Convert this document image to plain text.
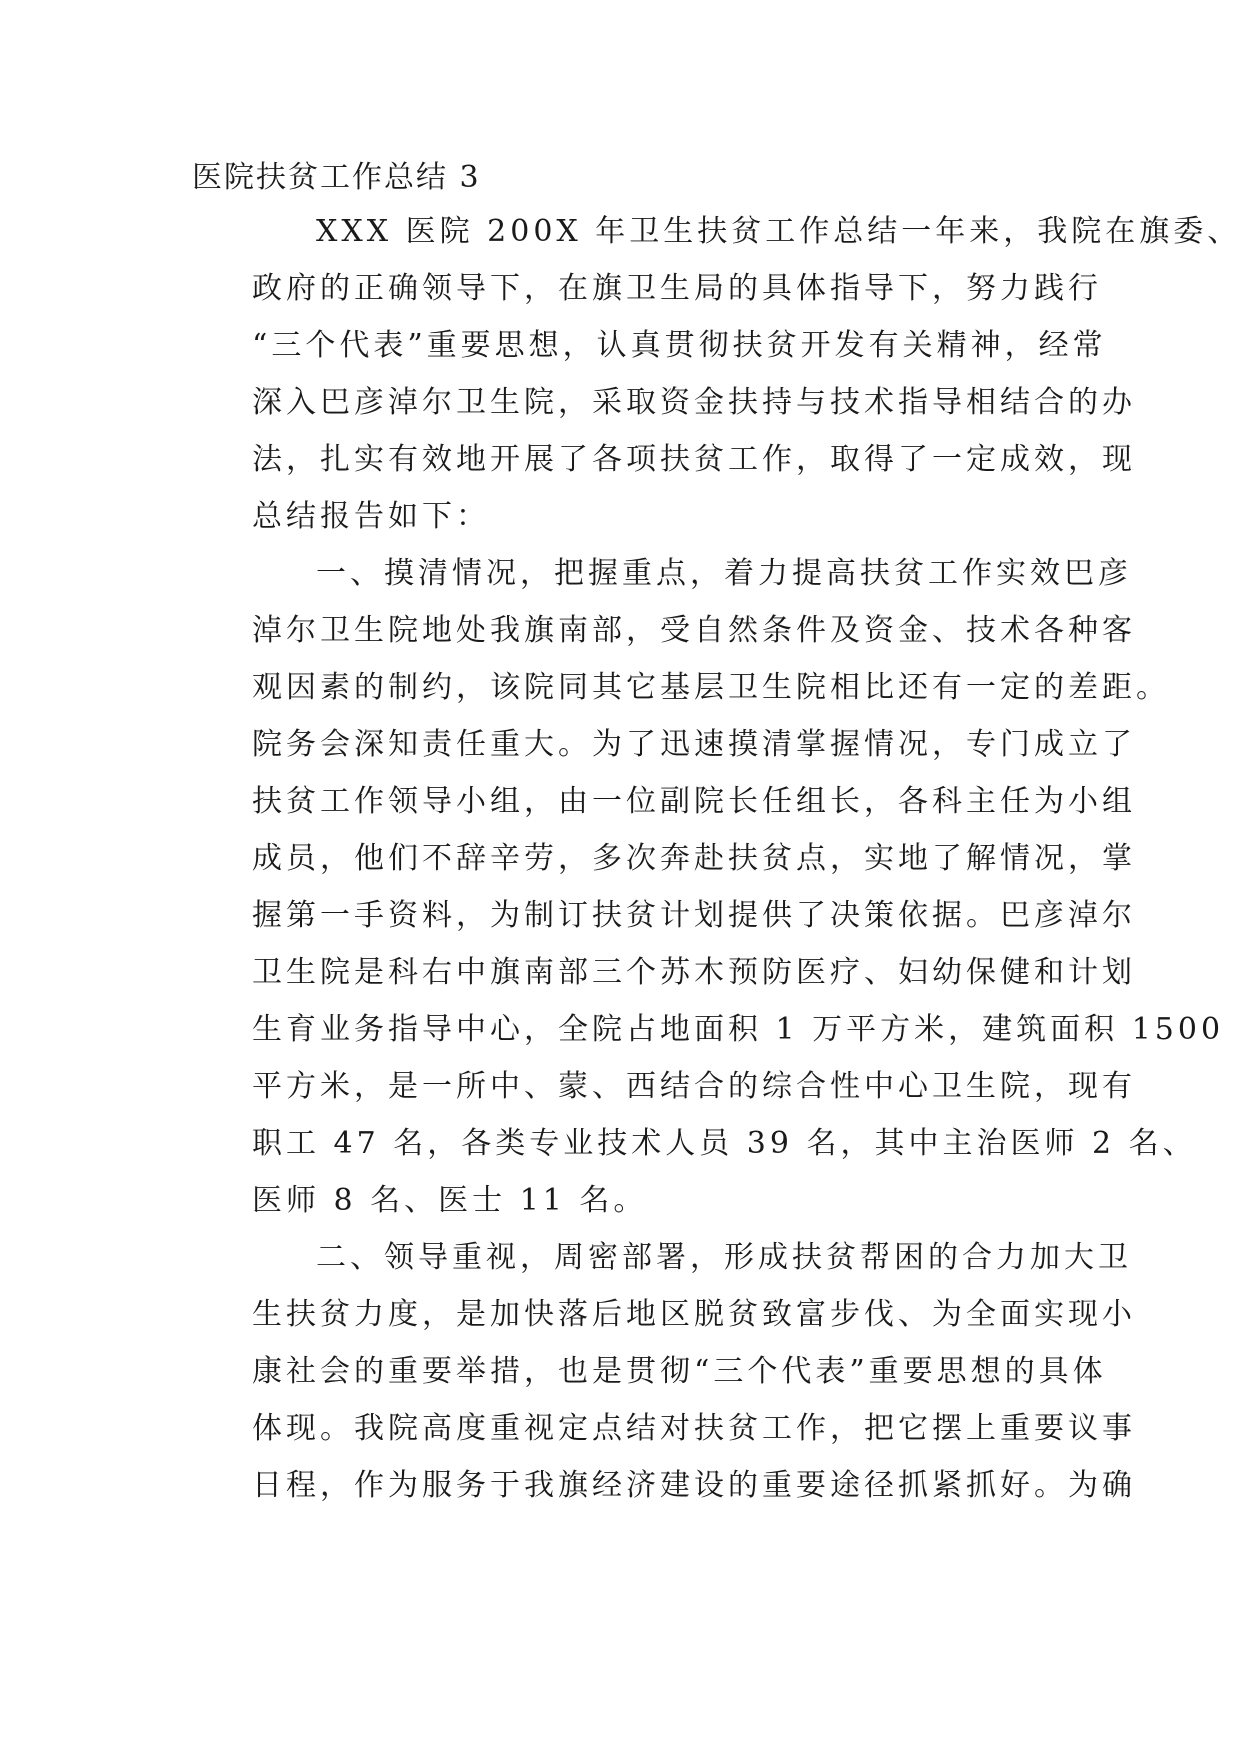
医院扶贫工作总结 3
XXX 医院 200X 年卫生扶贫工作总结一年来，我院在旗委、
政府的正确领导下，在旗卫生局的具体指导下，努力践行
“三个代表”重要思想，认真贯彻扶贫开发有关精神，经常
深入巴彦淖尔卫生院，采取资金扶持与技术指导相结合的办
法，扎实有效地开展了各项扶贫工作，取得了一定成效，现
总结报告如下：
一、摸清情况，把握重点，着力提高扶贫工作实效巴彦
淖尔卫生院地处我旗南部，受自然条件及资金、技术各种客
观因素的制约，该院同其它基层卫生院相比还有一定的差距。
院务会深知责任重大。为了迅速摸清掌握情况，专门成立了
扶贫工作领导小组，由一位副院长任组长，各科主任为小组
成员，他们不辞辛劳，多次奔赴扶贫点，实地了解情况，掌
握第一手资料，为制订扶贫计划提供了决策依据。巴彦淖尔
卫生院是科右中旗南部三个苏木预防医疗、妇幼保健和计划
生育业务指导中心，全院占地面积 1 万平方米，建筑面积 1500
平方米，是一所中、蒙、西结合的综合性中心卫生院，现有
职工 47 名，各类专业技术人员 39 名，其中主治医师 2 名、
医师 8 名、医士 11 名。
二、领导重视，周密部署，形成扶贫帮困的合力加大卫
生扶贫力度，是加快落后地区脱贫致富步伐、为全面实现小
康社会的重要举措，也是贯彻“三个代表”重要思想的具体
体现。我院高度重视定点结对扶贫工作，把它摆上重要议事
日程，作为服务于我旗经济建设的重要途径抓紧抓好。为确
